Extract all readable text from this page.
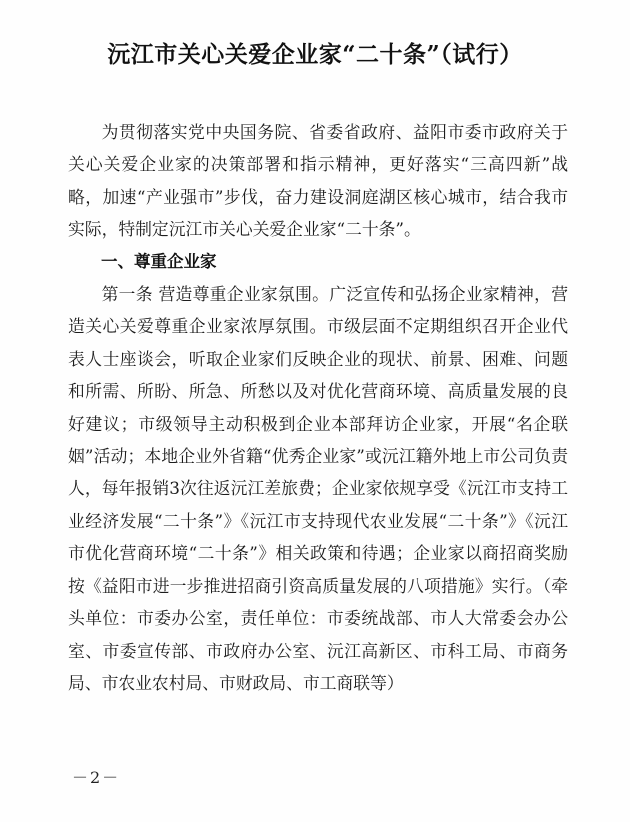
沅江市关心关爱企业家“二十条”（试行）

为贯彻落实党中央国务院、省委省政府、益阳市委市政府关于关心关爱企业家的决策部署和指示精神，更好落实“三高四新”战略，加速“产业强市”步伐，奋力建设洞庭湖区核心城市，结合我市实际，特制定沅江市关心关爱企业家“二十条”。

一、尊重企业家

第一条 营造尊重企业家氛围。广泛宣传和弘扬企业家精神，营造关心关爱尊重企业家浓厚氛围。市级层面不定期组织召开企业代表人士座谈会，听取企业家们反映企业的现状、前景、困难、问题和所需、所盼、所急、所愁以及对优化营商环境、高质量发展的良好建议；市级领导主动积极到企业本部拜访企业家，开展“名企联姻”活动；本地企业外省籍“优秀企业家”或沅江籍外地上市公司负责人，每年报销3次往返沅江差旅费；企业家依规享受《沅江市支持工业经济发展“二十条”》《沅江市支持现代农业发展“二十条”》《沅江市优化营商环境“二十条”》相关政策和待遇；企业家以商招商奖励按《益阳市进一步推进招商引资高质量发展的八项措施》实行。（牵头单位：市委办公室，责任单位：市委统战部、市人大常委会办公室、市委宣传部、市政府办公室、沅江高新区、市科工局、市商务局、市农业农村局、市财政局、市工商联等）

－2－
